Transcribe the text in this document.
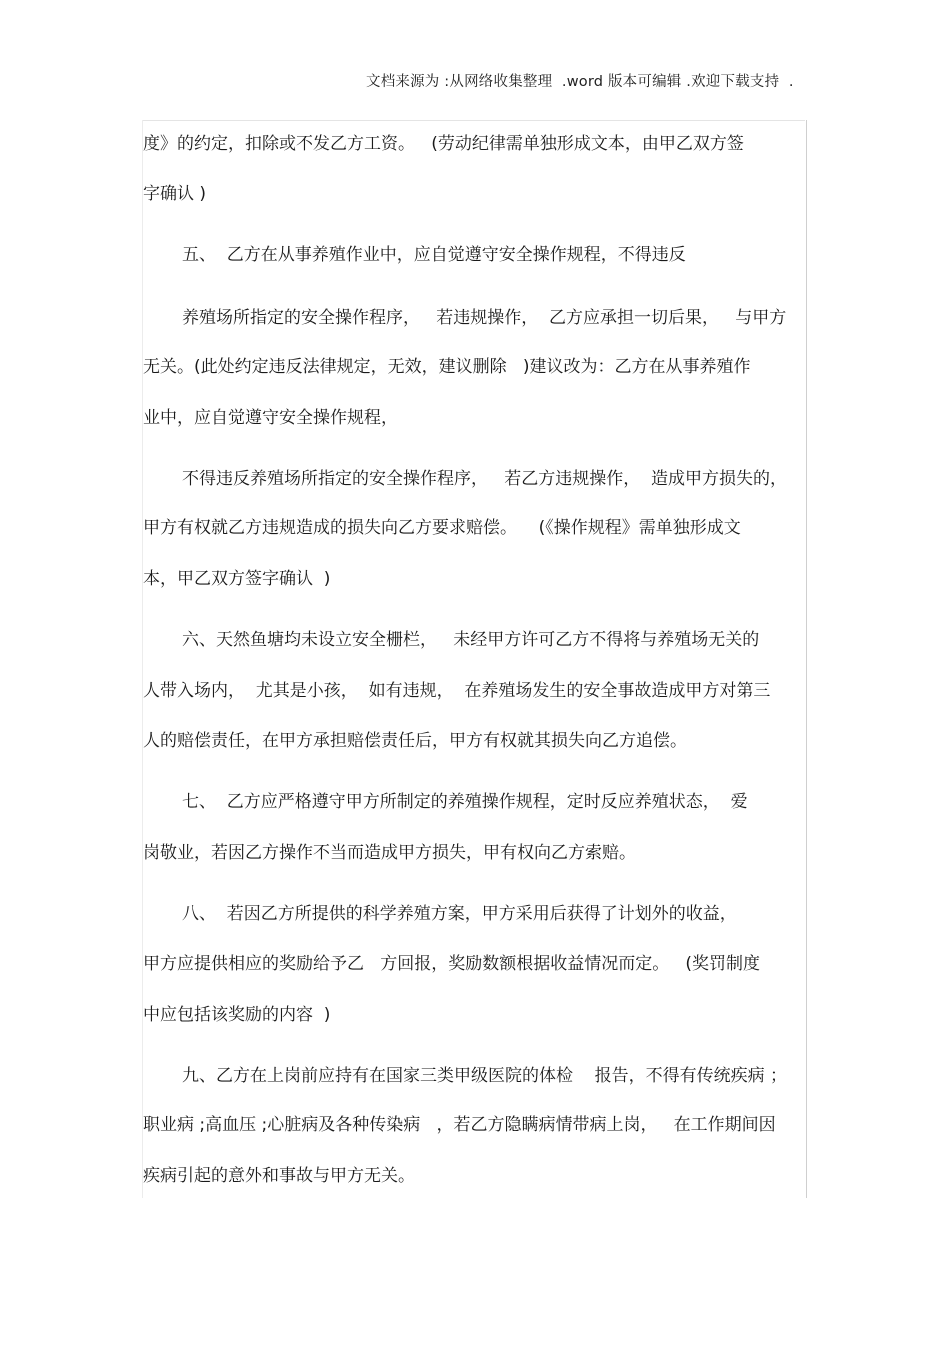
文档来源为 :从网络收集整理  .word 版本可编辑 .欢迎下载支持  .
度》的约定，扣除或不发乙方工资。   (劳动纪律需单独形成文本，由甲乙双方签
字确认 )
五、  乙方在从事养殖作业中，应自觉遵守安全操作规程，不得违反
养殖场所指定的安全操作程序，   若违规操作，  乙方应承担一切后果，   与甲方
无关。(此处约定违反法律规定，无效，建议删除   )建议改为：乙方在从事养殖作
业中，应自觉遵守安全操作规程，
不得违反养殖场所指定的安全操作程序，   若乙方违规操作，  造成甲方损失的，
甲方有权就乙方违规造成的损失向乙方要求赔偿。    (《操作规程》需单独形成文
本，甲乙双方签字确认  )
六、天然鱼塘均未设立安全栅栏，   未经甲方许可乙方不得将与养殖场无关的
人带入场内，  尤其是小孩，  如有违规，  在养殖场发生的安全事故造成甲方对第三
人的赔偿责任，在甲方承担赔偿责任后，甲方有权就其损失向乙方追偿。
七、  乙方应严格遵守甲方所制定的养殖操作规程，定时反应养殖状态，  爱
岗敬业，若因乙方操作不当而造成甲方损失，甲有权向乙方索赔。
八、  若因乙方所提供的科学养殖方案，甲方采用后获得了计划外的收益，
甲方应提供相应的奖励给予乙   方回报，奖励数额根据收益情况而定。   (奖罚制度
中应包括该奖励的内容  )
九、乙方在上岗前应持有在国家三类甲级医院的体检    报告，不得有传统疾病 ；
职业病 ;高血压 ;心脏病及各种传染病   ，若乙方隐瞒病情带病上岗，   在工作期间因
疾病引起的意外和事故与甲方无关。
